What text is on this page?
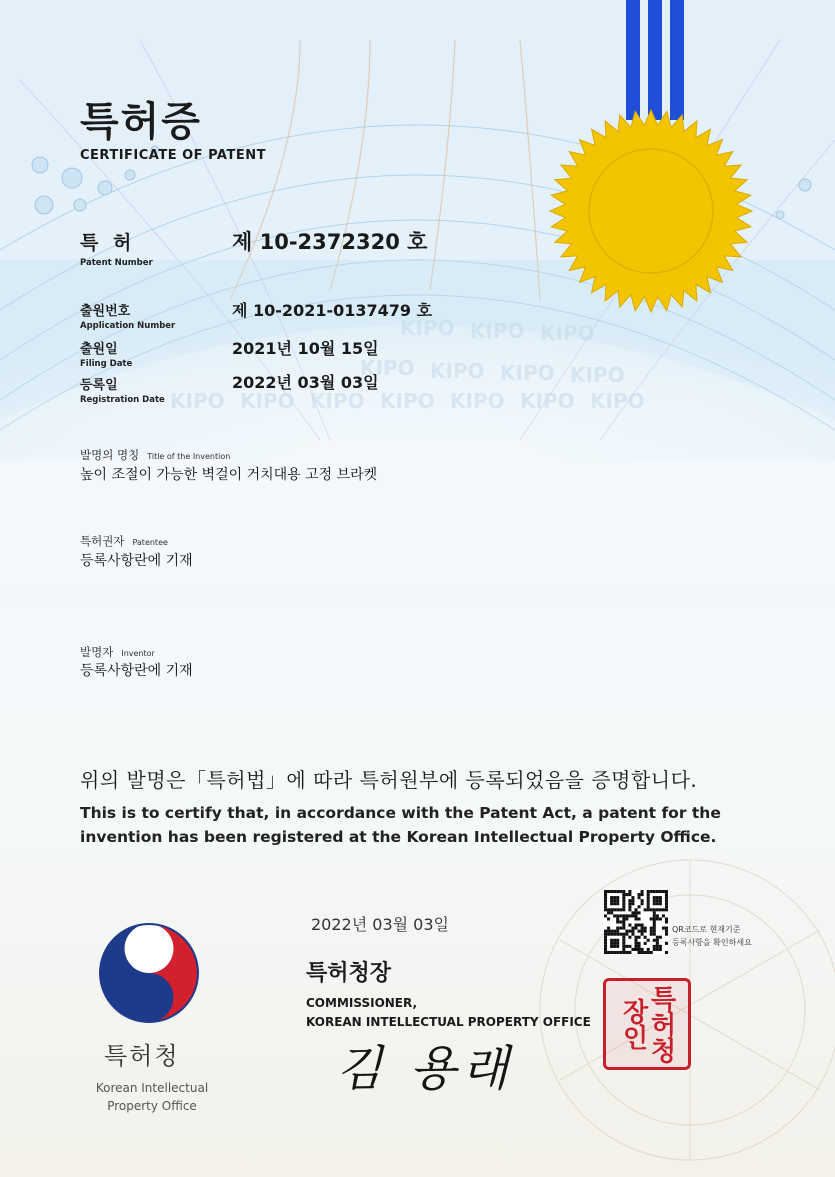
KIPO KIPO KIPO
KIPO KIPO KIPO KIPO
KIPO KIPO KIPO KIPO KIPO KIPO KIPO
특허증
CERTIFICATE OF PATENT
특 허
Patent Number
제 10-2372320 호
출원번호
Application Number
제 10-2021-0137479 호
출원일
Filing Date
2021년 10월 15일
등록일
Registration Date
2022년 03월 03일
발명의 명칭 Title of the Invention
높이 조절이 가능한 벽걸이 거치대용 고정 브라켓
특허권자 Patentee
등록사항란에 기재
발명자 Inventor
등록사항란에 기재
위의 발명은「특허법」에 따라 특허원부에 등록되었음을 증명합니다.
This is to certify that, in accordance with the Patent Act, a patent for the
invention has been registered at the Korean Intellectual Property Office.
2022년 03월 03일	QR코드로 현재기준
등록사항을 확인하세요
특허청장
COMMISSIONER,
KOREAN INTELLECTUAL PROPERTY OFFICE
김 용래
특허청장인
특허청
Korean Intellectual
Property Office
